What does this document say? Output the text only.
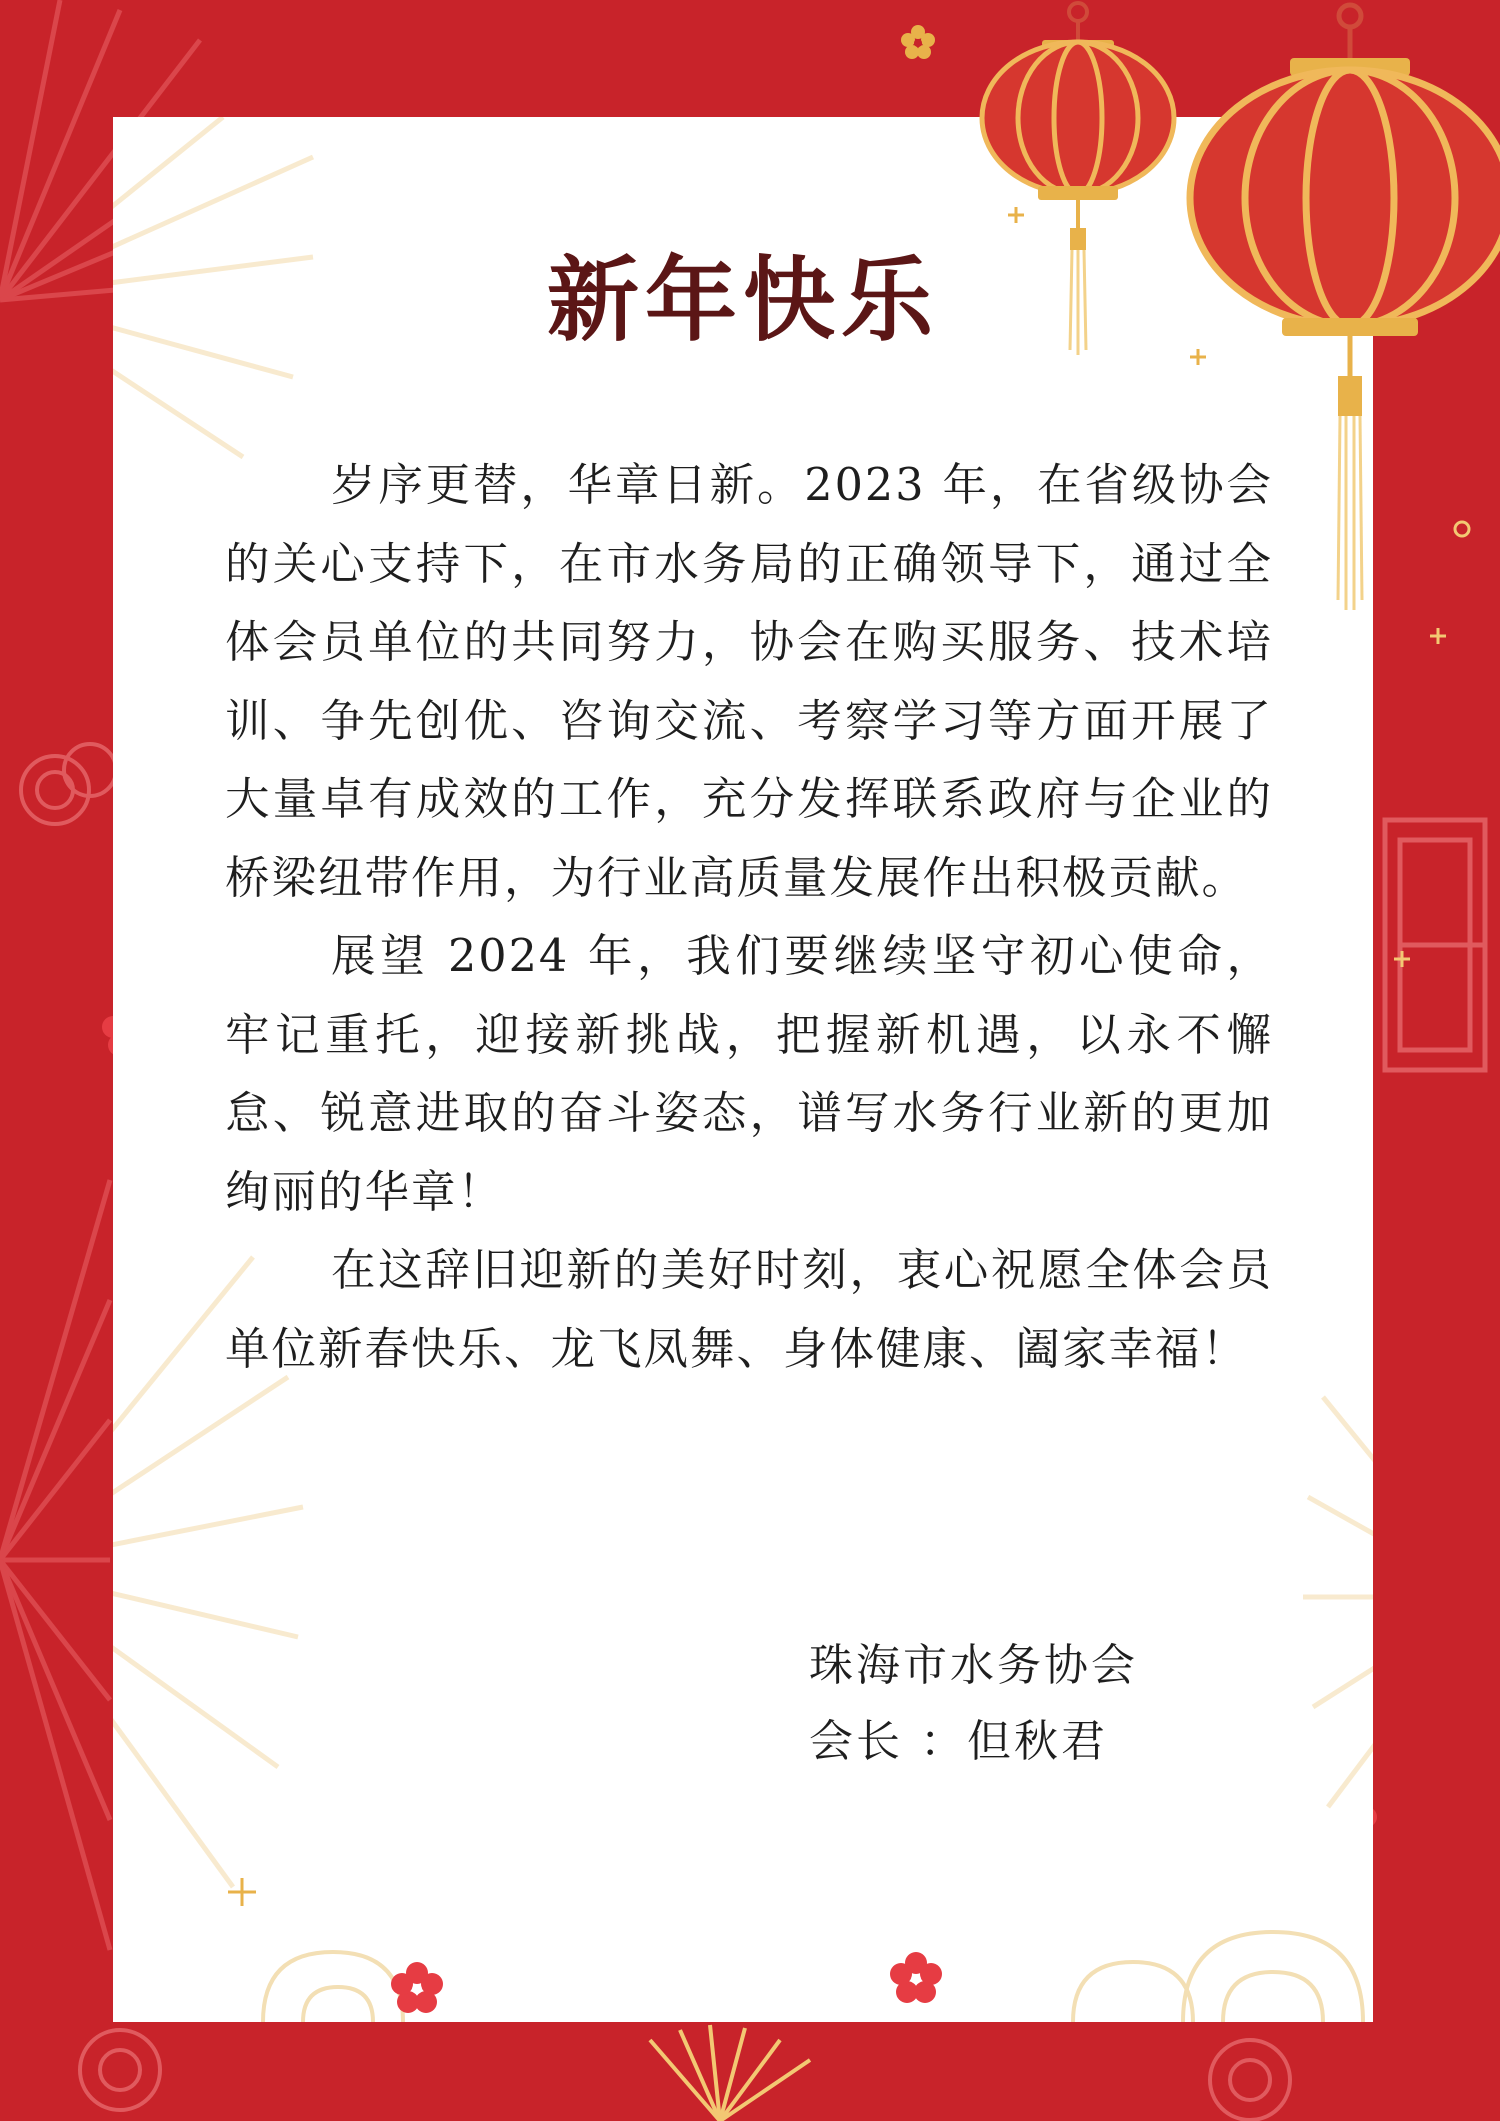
新年快乐

岁序更替，华章日新。2023 年，在省级协会的关心支持下，在市水务局的正确领导下，通过全体会员单位的共同努力，协会在购买服务、技术培训、争先创优、咨询交流、考察学习等方面开展了大量卓有成效的工作，充分发挥联系政府与企业的桥梁纽带作用，为行业高质量发展作出积极贡献。

展望 2024 年，我们要继续坚守初心使命，牢记重托，迎接新挑战，把握新机遇，以永不懈怠、锐意进取的奋斗姿态，谱写水务行业新的更加绚丽的华章！

在这辞旧迎新的美好时刻，衷心祝愿全体会员单位新春快乐、龙飞凤舞、身体健康、阖家幸福！

珠海市水务协会
会长 ：但秋君
